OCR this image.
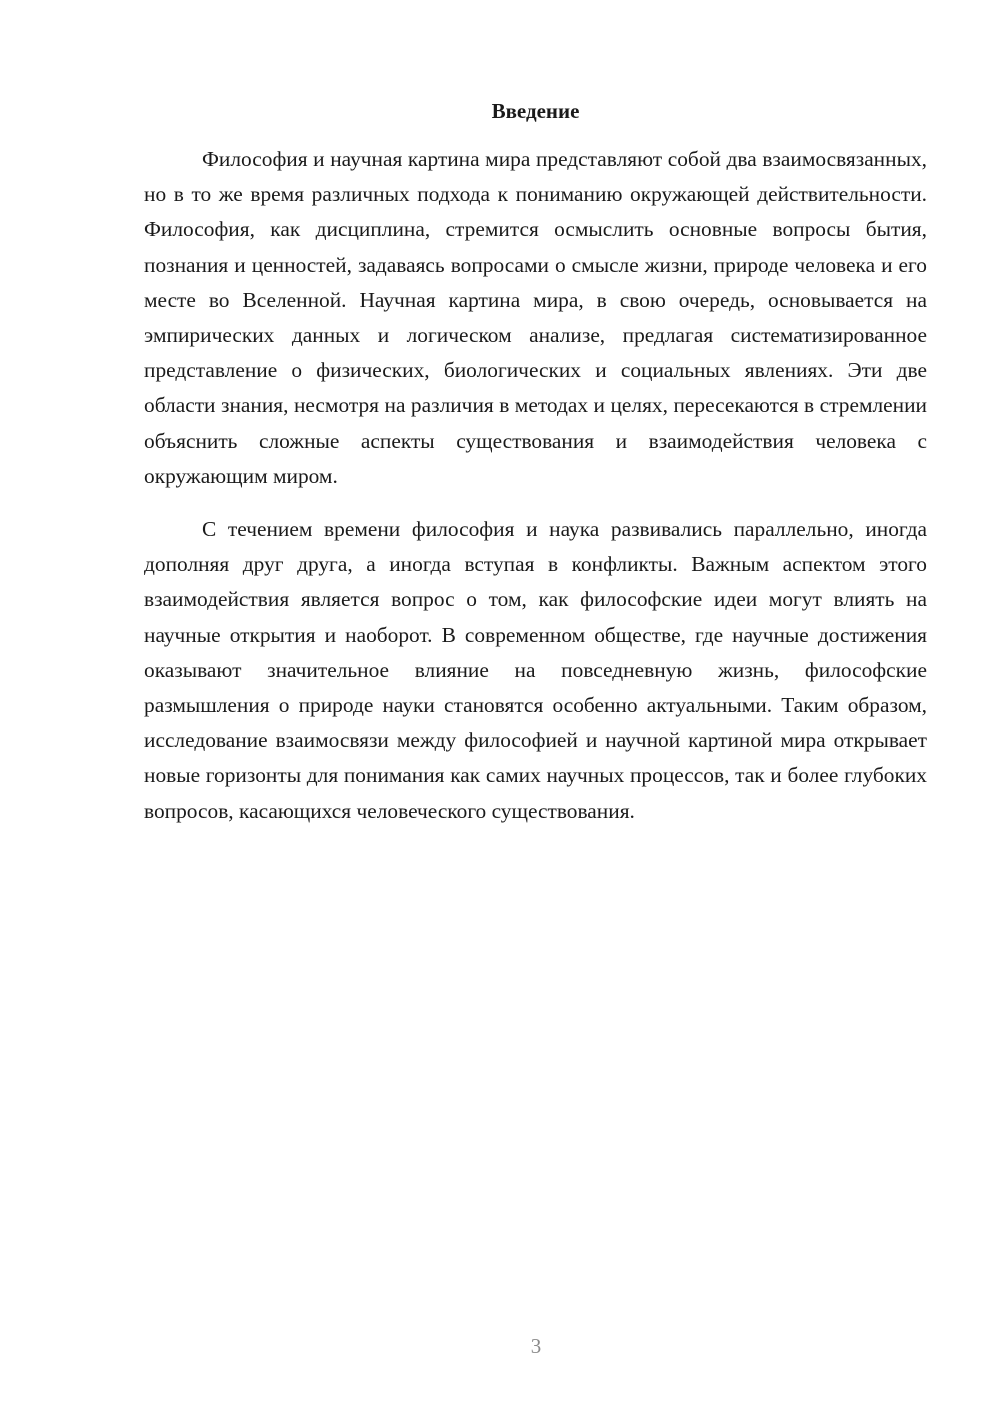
Введение

Философия и научная картина мира представляют собой два взаимосвязанных, но в то же время различных подхода к пониманию окружающей действительности. Философия, как дисциплина, стремится осмыслить основные вопросы бытия, познания и ценностей, задаваясь вопросами о смысле жизни, природе человека и его месте во Вселенной. Научная картина мира, в свою очередь, основывается на эмпирических данных и логическом анализе, предлагая систематизированное представление о физических, биологических и социальных явлениях. Эти две области знания, несмотря на различия в методах и целях, пересекаются в стремлении объяснить сложные аспекты существования и взаимодействия человека с окружающим миром.

С течением времени философия и наука развивались параллельно, иногда дополняя друг друга, а иногда вступая в конфликты. Важным аспектом этого взаимодействия является вопрос о том, как философские идеи могут влиять на научные открытия и наоборот. В современном обществе, где научные достижения оказывают значительное влияние на повседневную жизнь, философские размышления о природе науки становятся особенно актуальными. Таким образом, исследование взаимосвязи между философией и научной картиной мира открывает новые горизонты для понимания как самих научных процессов, так и более глубоких вопросов, касающихся человеческого существования.

3
